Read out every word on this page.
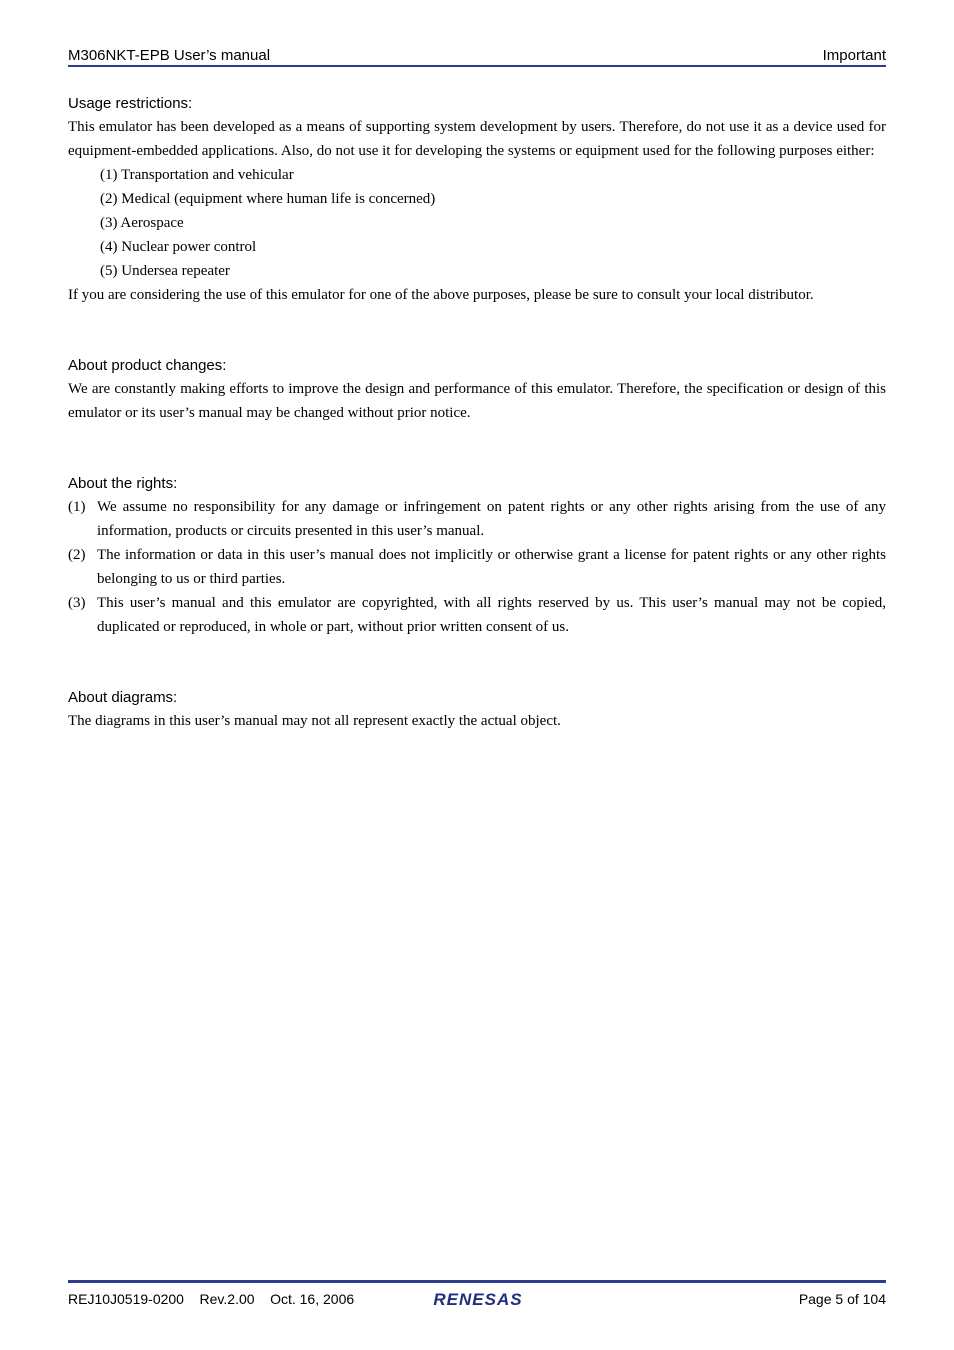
M306NKT-EPB User’s manual	Important
Usage restrictions:
This emulator has been developed as a means of supporting system development by users. Therefore, do not use it as a device used for equipment-embedded applications. Also, do not use it for developing the systems or equipment used for the following purposes either:
(1) Transportation and vehicular
(2) Medical (equipment where human life is concerned)
(3) Aerospace
(4) Nuclear power control
(5) Undersea repeater
If you are considering the use of this emulator for one of the above purposes, please be sure to consult your local distributor.
About product changes:
We are constantly making efforts to improve the design and performance of this emulator. Therefore, the specification or design of this emulator or its user’s manual may be changed without prior notice.
About the rights:
(1) We assume no responsibility for any damage or infringement on patent rights or any other rights arising from the use of any information, products or circuits presented in this user’s manual.
(2) The information or data in this user’s manual does not implicitly or otherwise grant a license for patent rights or any other rights belonging to us or third parties.
(3) This user’s manual and this emulator are copyrighted, with all rights reserved by us. This user’s manual may not be copied, duplicated or reproduced, in whole or part, without prior written consent of us.
About diagrams:
The diagrams in this user’s manual may not all represent exactly the actual object.
REJ10J0519-0200    Rev.2.00    Oct. 16, 2006	RENESAS	Page 5 of 104
